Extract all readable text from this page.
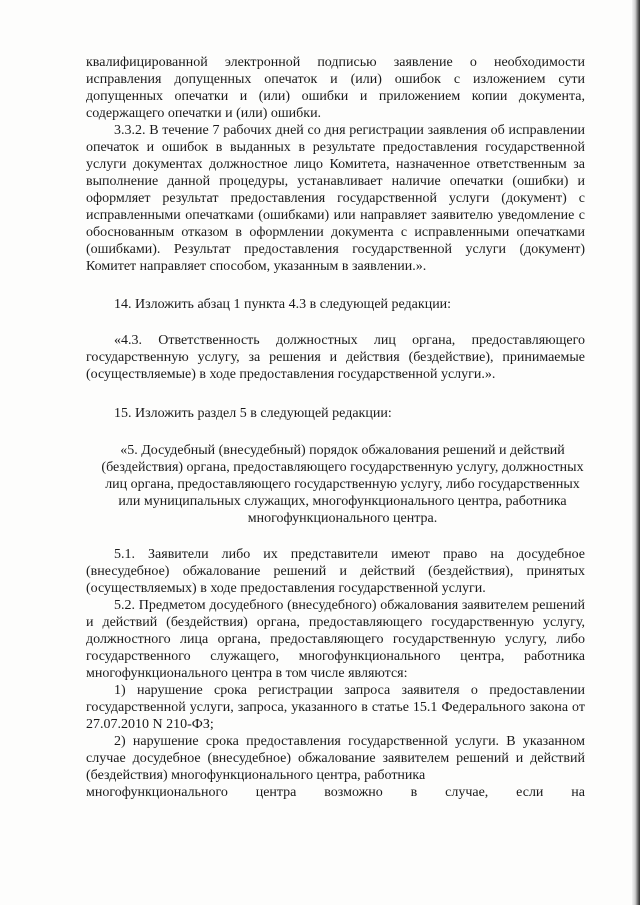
квалифицированной электронной подписью заявление о необходимости исправления допущенных опечаток и (или) ошибок с изложением сути допущенных опечатки и (или) ошибки и приложением копии документа, содержащего опечатки и (или) ошибки.

3.3.2. В течение 7 рабочих дней со дня регистрации заявления об исправлении опечаток и ошибок в выданных в результате предоставления государственной услуги документах должностное лицо Комитета, назначенное ответственным за выполнение данной процедуры, устанавливает наличие опечатки (ошибки) и оформляет результат предоставления государственной услуги (документ) с исправленными опечатками (ошибками) или направляет заявителю уведомление с обоснованным отказом в оформлении документа с исправленными опечатками (ошибками). Результат предоставления государственной услуги (документ) Комитет направляет способом, указанным в заявлении.».

14. Изложить абзац 1 пункта 4.3 в следующей редакции:

«4.3. Ответственность должностных лиц органа, предоставляющего государственную услугу, за решения и действия (бездействие), принимаемые (осуществляемые) в ходе предоставления государственной услуги.».

15. Изложить раздел 5 в следующей редакции:

«5. Досудебный (внесудебный) порядок обжалования решений и действий (бездействия) органа, предоставляющего государственную услугу, должностных лиц органа, предоставляющего государственную услугу, либо государственных или муниципальных служащих, многофункционального центра, работника многофункционального центра.

5.1. Заявители либо их представители имеют право на досудебное (внесудебное) обжалование решений и действий (бездействия), принятых (осуществляемых) в ходе предоставления государственной услуги.

5.2. Предметом досудебного (внесудебного) обжалования заявителем решений и действий (бездействия) органа, предоставляющего государственную услугу, должностного лица органа, предоставляющего государственную услугу, либо государственного служащего, многофункционального центра, работника многофункционального центра в том числе являются:

1) нарушение срока регистрации запроса заявителя о предоставлении государственной услуги, запроса, указанного в статье 15.1 Федерального закона от 27.07.2010 N 210-ФЗ;

2) нарушение срока предоставления государственной услуги. В указанном случае досудебное (внесудебное) обжалование заявителем решений и действий (бездействия) многофункционального центра, работника

многофункционального центра возможно в случае, если на
